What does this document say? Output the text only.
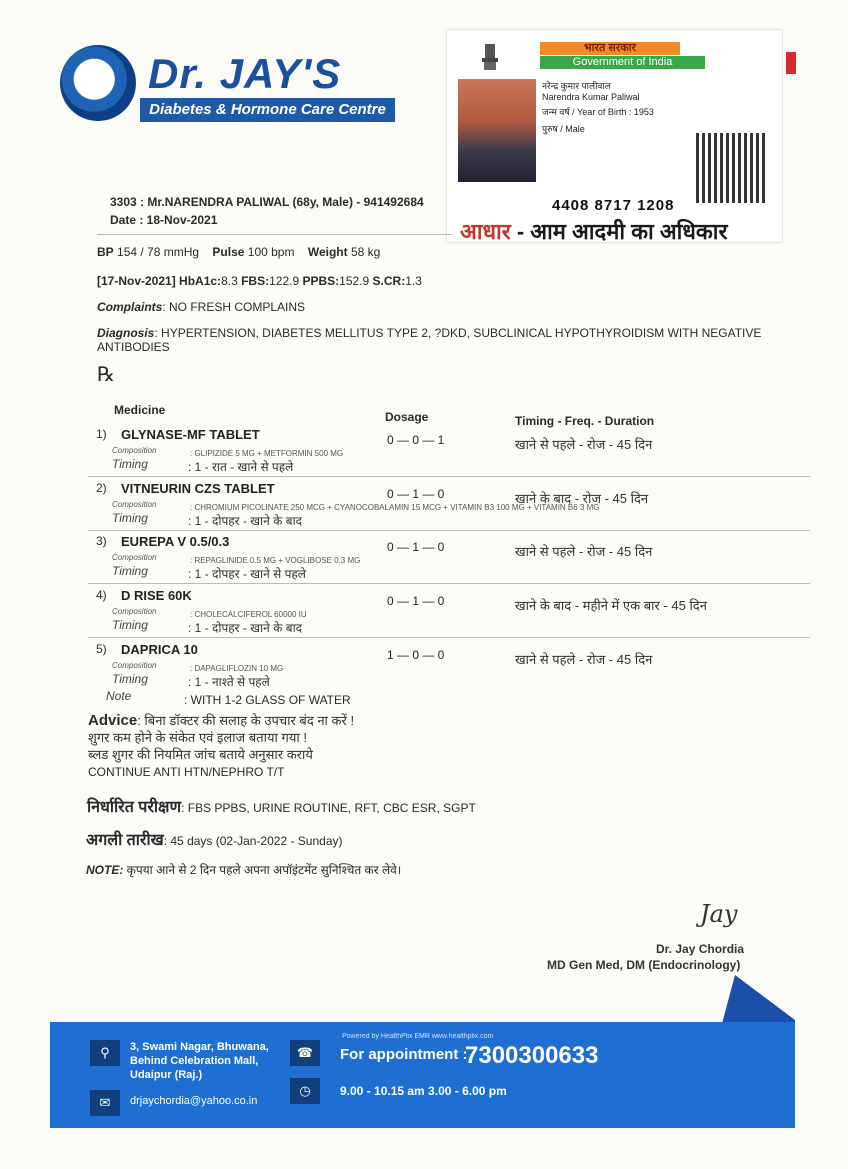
Dr. JAY'S
Diabetes & Hormone Care Centre
भारत सरकार
Government of India
नरेन्द्र कुमार पालीवाल
Narendra Kumar Paliwal
जन्म वर्ष / Year of Birth : 1953
पुरुष / Male
4408 8717 1208
आधार - आम आदमी का अधिकार
3303 : Mr.NARENDRA PALIWAL (68y, Male) - 941492684
Date : 18-Nov-2021
BP 154 / 78 mmHg Pulse 100 bpm Weight 58 kg
[17-Nov-2021] HbA1c:8.3 FBS:122.9 PPBS:152.9 S.CR:1.3
Complaints: NO FRESH COMPLAINS
Diagnosis: HYPERTENSION, DIABETES MELLITUS TYPE 2, ?DKD, SUBCLINICAL HYPOTHYROIDISM WITH NEGATIVE
ANTIBODIES
℞
Medicine	Dosage	Timing - Freq. - Duration
1) GLYNASE-MF TABLET
Composition	: GLIPIZIDE 5 MG + METFORMIN 500 MG
Timing	: 1 - रात - खाने से पहले
0 — 0 — 1	खाने से पहले - रोज - 45 दिन
2) VITNEURIN CZS TABLET
Composition	: CHROMIUM PICOLINATE 250 MCG + CYANOCOBALAMIN 15 MCG + VITAMIN B3 100 MG + VITAMIN B6 3 MG
Timing	: 1 - दोपहर - खाने के बाद
0 — 1 — 0	खाने के बाद - रोज - 45 दिन
3) EUREPA V 0.5/0.3
Composition	: REPAGLINIDE 0.5 MG + VOGLIBOSE 0.3 MG
Timing	: 1 - दोपहर - खाने से पहले
0 — 1 — 0	खाने से पहले - रोज - 45 दिन
4) D RISE 60K
Composition	: CHOLECALCIFEROL 60000 IU
Timing	: 1 - दोपहर - खाने के बाद
0 — 1 — 0	खाने के बाद - महीने में एक बार - 45 दिन
5) DAPRICA 10
Composition	: DAPAGLIFLOZIN 10 MG
Timing	: 1 - नाश्ते से पहले
1 — 0 — 0	खाने से पहले - रोज - 45 दिन
Note	: WITH 1-2 GLASS OF WATER
Advice: बिना डॉक्टर की सलाह के उपचार बंद ना करें !
शुगर कम होने के संकेत एवं इलाज बताया गया !
ब्लड शुगर की नियमित जांच बताये अनुसार कराये
CONTINUE ANTI HTN/NEPHRO T/T
निर्धारित परीक्षण: FBS PPBS, URINE ROUTINE, RFT, CBC ESR, SGPT
अगली तारीख: 45 days (02-Jan-2022 - Sunday)
NOTE: कृपया आने से 2 दिन पहले अपना अपॉइंटमेंट सुनिश्चित कर लेवे।
Jay
Dr. Jay Chordia
MD Gen Med, DM (Endocrinology)
⚲	3, Swami Nagar, Bhuwana,
Behind Celebration Mall,
Udaipur (Raj.)
✉	drjaychordia@yahoo.co.in
Powered by HealthPlix EMR www.healthplix.com
☎	For appointment :
7300300633
◷	9.00 - 10.15 am 3.00 - 6.00 pm
